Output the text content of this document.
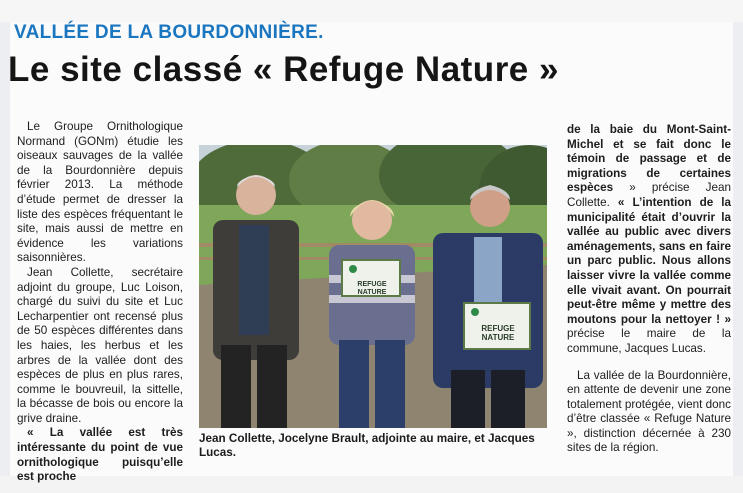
VALLÉE DE LA BOURDONNIÈRE.
Le site classé « Refuge Nature »

Le Groupe Ornithologique Normand (GONm) étudie les oiseaux sauvages de la vallée de la Bourdonnière depuis février 2013. La méthode d’étude permet de dresser la liste des espèces fréquentant le site, mais aussi de mettre en évidence les variations saisonnières.

Jean Collette, secrétaire adjoint du groupe, Luc Loison, chargé du suivi du site et Luc Lecharpentier ont recensé plus de 50 espèces différentes dans les haies, les herbus et les arbres de la vallée dont des espèces de plus en plus rares, comme le bouvreuil, la sittelle, la bécasse de bois ou encore la grive draine.

« La vallée est très intéressante du point de vue ornithologique puisqu’elle est proche

REFUGE NATURE
REFUGE NATURE
Jean Collette, Jocelyne Brault, adjointe au maire, et Jacques Lucas.

de la baie du Mont-Saint-Michel et se fait donc le témoin de passage et de migrations de certaines espèces » précise Jean Collette. « L’intention de la municipalité était d’ouvrir la vallée au public avec divers aménagements, sans en faire un parc public. Nous allons laisser vivre la vallée comme elle vivait avant. On pourrait peut-être même y mettre des moutons pour la nettoyer ! » précise le maire de la commune, Jacques Lucas.

La vallée de la Bourdonnière, en attente de devenir une zone totalement protégée, vient donc d’être classée « Refuge Nature », distinction décernée à 230 sites de la région.
